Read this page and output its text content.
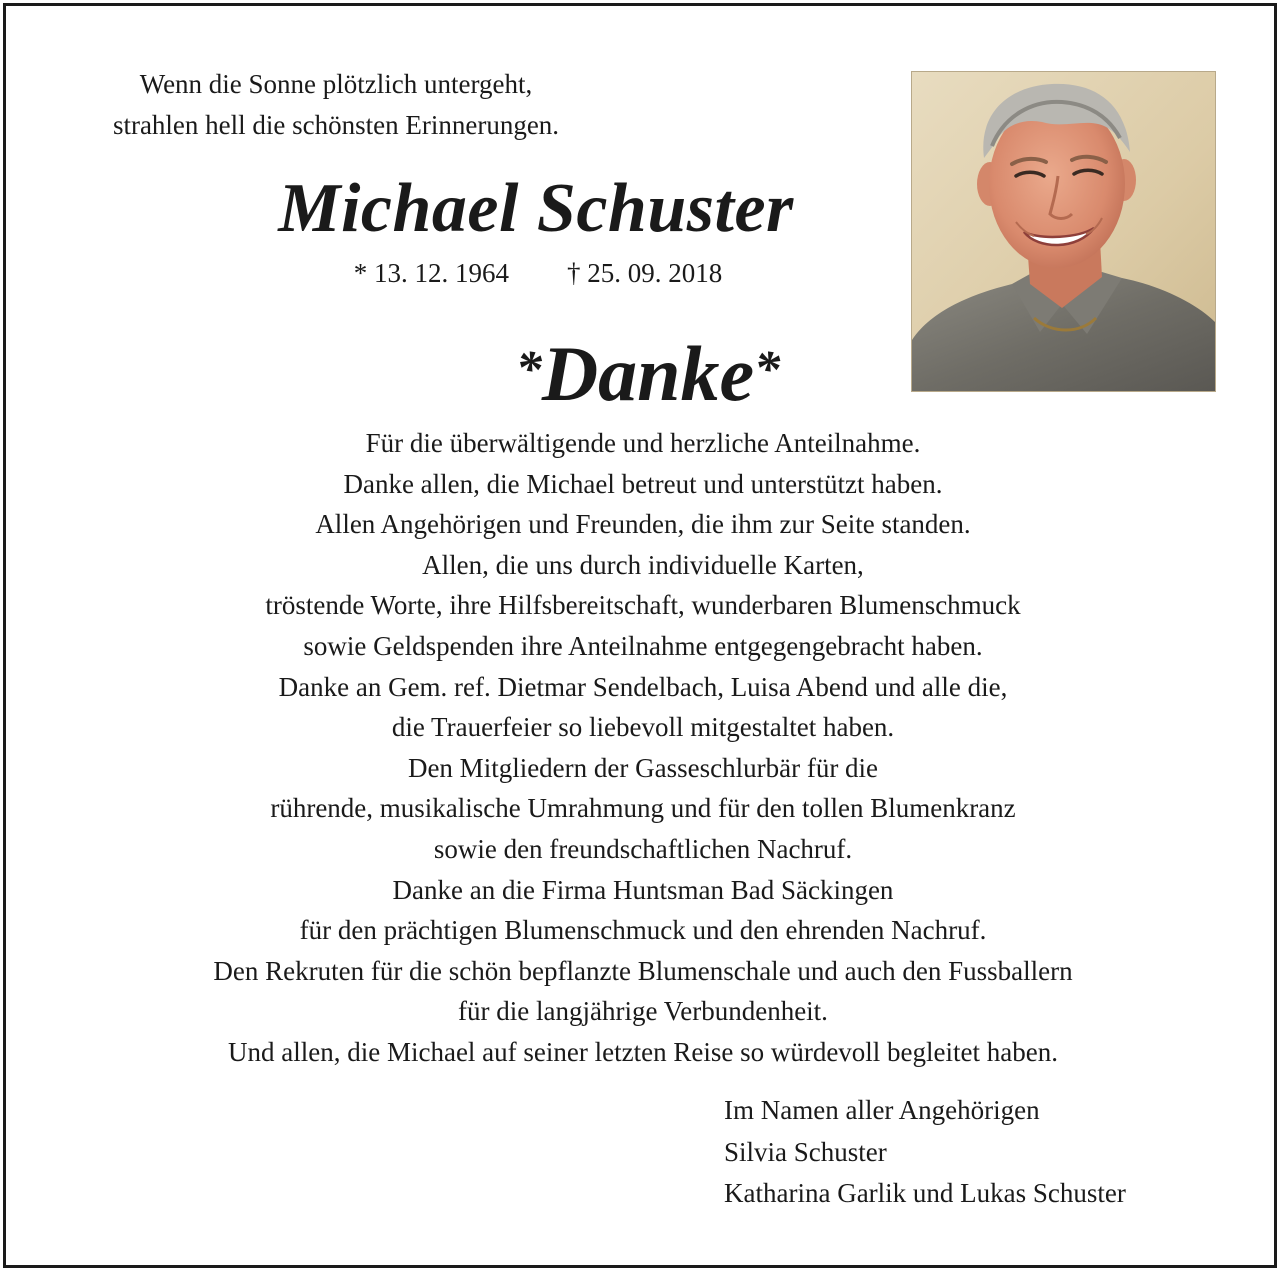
Wenn die Sonne plötzlich untergeht,
strahlen hell die schönsten Erinnerungen.
Michael Schuster
* 13. 12. 1964 † 25. 09. 2018
*Danke*
Für die überwältigende und herzliche Anteilnahme.
Danke allen, die Michael betreut und unterstützt haben.
Allen Angehörigen und Freunden, die ihm zur Seite standen.
Allen, die uns durch individuelle Karten,
tröstende Worte, ihre Hilfsbereitschaft, wunderbaren Blumenschmuck
sowie Geldspenden ihre Anteilnahme entgegengebracht haben.
Danke an Gem. ref. Dietmar Sendelbach, Luisa Abend und alle die,
die Trauerfeier so liebevoll mitgestaltet haben.
Den Mitgliedern der Gasseschlurbär für die
rührende, musikalische Umrahmung und für den tollen Blumenkranz
sowie den freundschaftlichen Nachruf.
Danke an die Firma Huntsman Bad Säckingen
für den prächtigen Blumenschmuck und den ehrenden Nachruf.
Den Rekruten für die schön bepflanzte Blumenschale und auch den Fussballern
für die langjährige Verbundenheit.
Und allen, die Michael auf seiner letzten Reise so würdevoll begleitet haben.
Im Namen aller Angehörigen
Silvia Schuster
Katharina Garlik und Lukas Schuster
